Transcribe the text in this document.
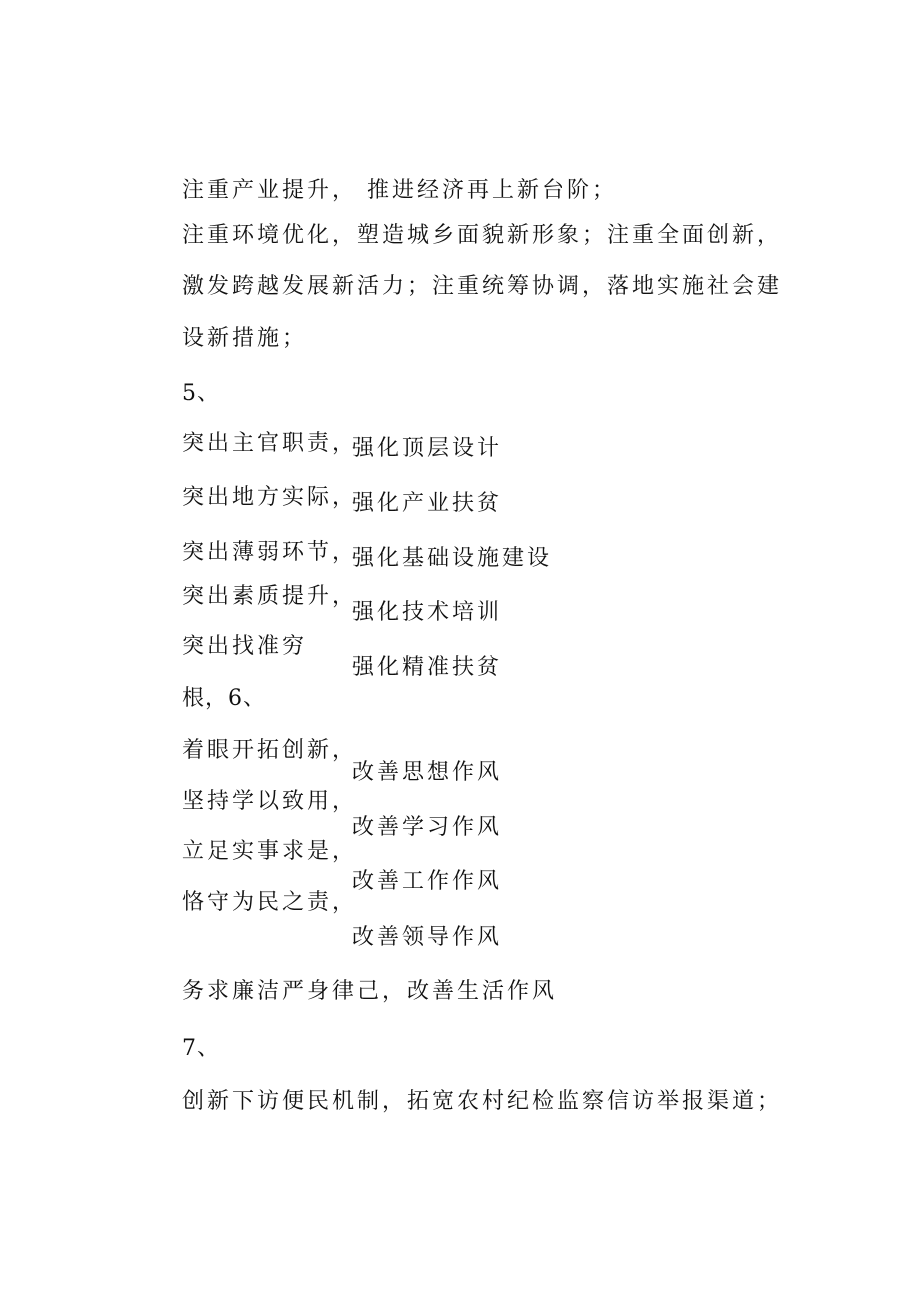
注重产业提升， 推进经济再上新台阶；
注重环境优化，塑造城乡面貌新形象；注重全面创新，
激发跨越发展新活力；注重统筹协调，落地实施社会建
设新措施；
5、
突出主官职责，
强化顶层设计
突出地方实际，
强化产业扶贫
突出薄弱环节，
强化基础设施建设
突出素质提升，
强化技术培训
突出找准穷
强化精准扶贫
根，6、
着眼开拓创新，
改善思想作风
坚持学以致用，
改善学习作风
立足实事求是，
改善工作作风
恪守为民之责，
改善领导作风
务求廉洁严身律己，改善生活作风
7、
创新下访便民机制，拓宽农村纪检监察信访举报渠道；
